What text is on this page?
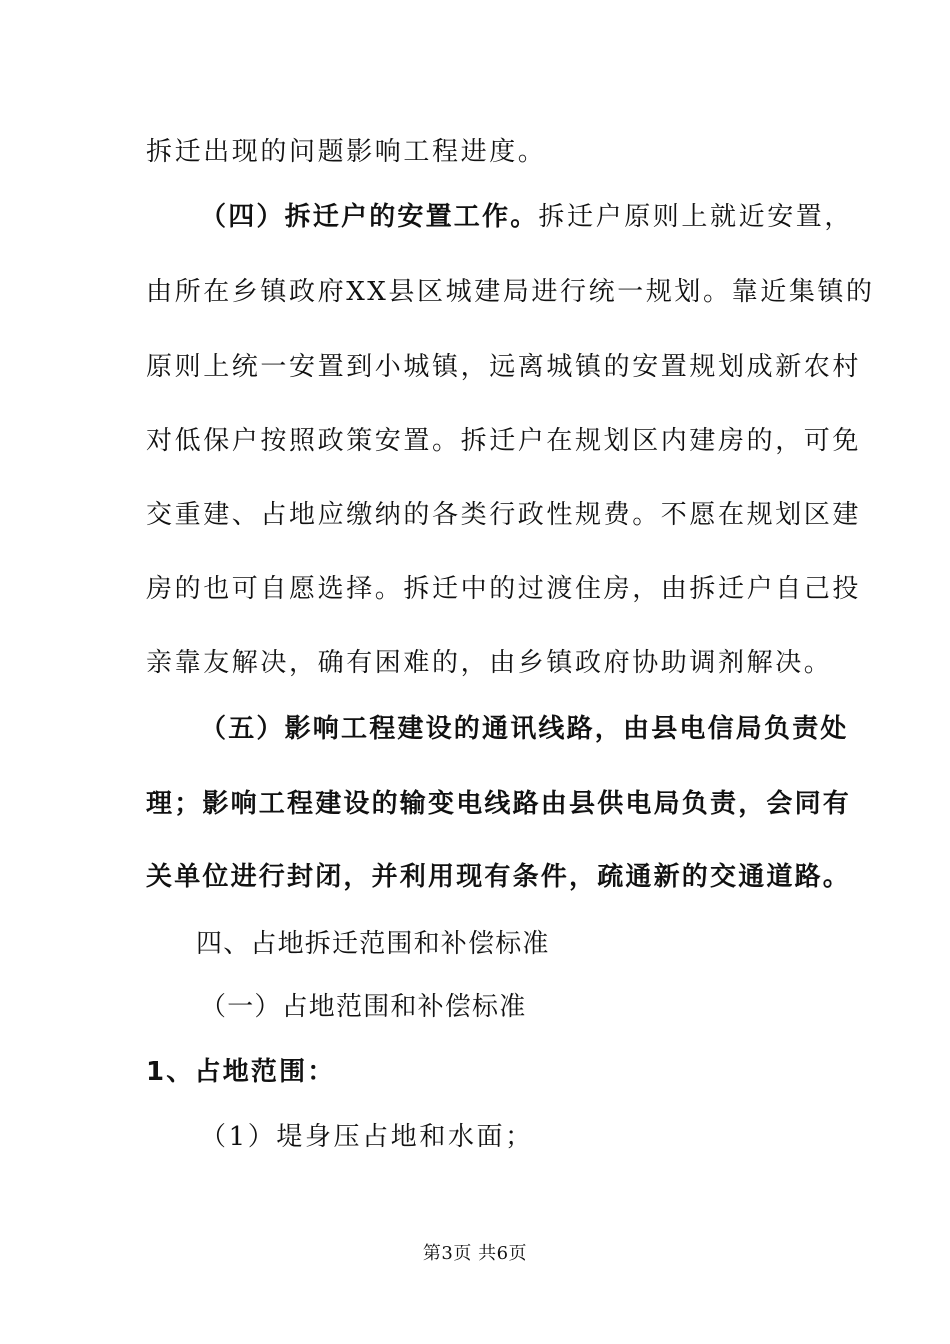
拆迁出现的问题影响工程进度。
（四）拆迁户的安置工作。拆迁户原则上就近安置，
由所在乡镇政府XX县区城建局进行统一规划。靠近集镇的
原则上统一安置到小城镇，远离城镇的安置规划成新农村
对低保户按照政策安置。拆迁户在规划区内建房的，可免
交重建、占地应缴纳的各类行政性规费。不愿在规划区建
房的也可自愿选择。拆迁中的过渡住房，由拆迁户自己投
亲靠友解决，确有困难的，由乡镇政府协助调剂解决。
（五）影响工程建设的通讯线路，由县电信局负责处
理；影响工程建设的输变电线路由县供电局负责，会同有
关单位进行封闭，并利用现有条件，疏通新的交通道路。
四、占地拆迁范围和补偿标准
（一）占地范围和补偿标准
1、占地范围：
（1）堤身压占地和水面；
第3页 共6页
